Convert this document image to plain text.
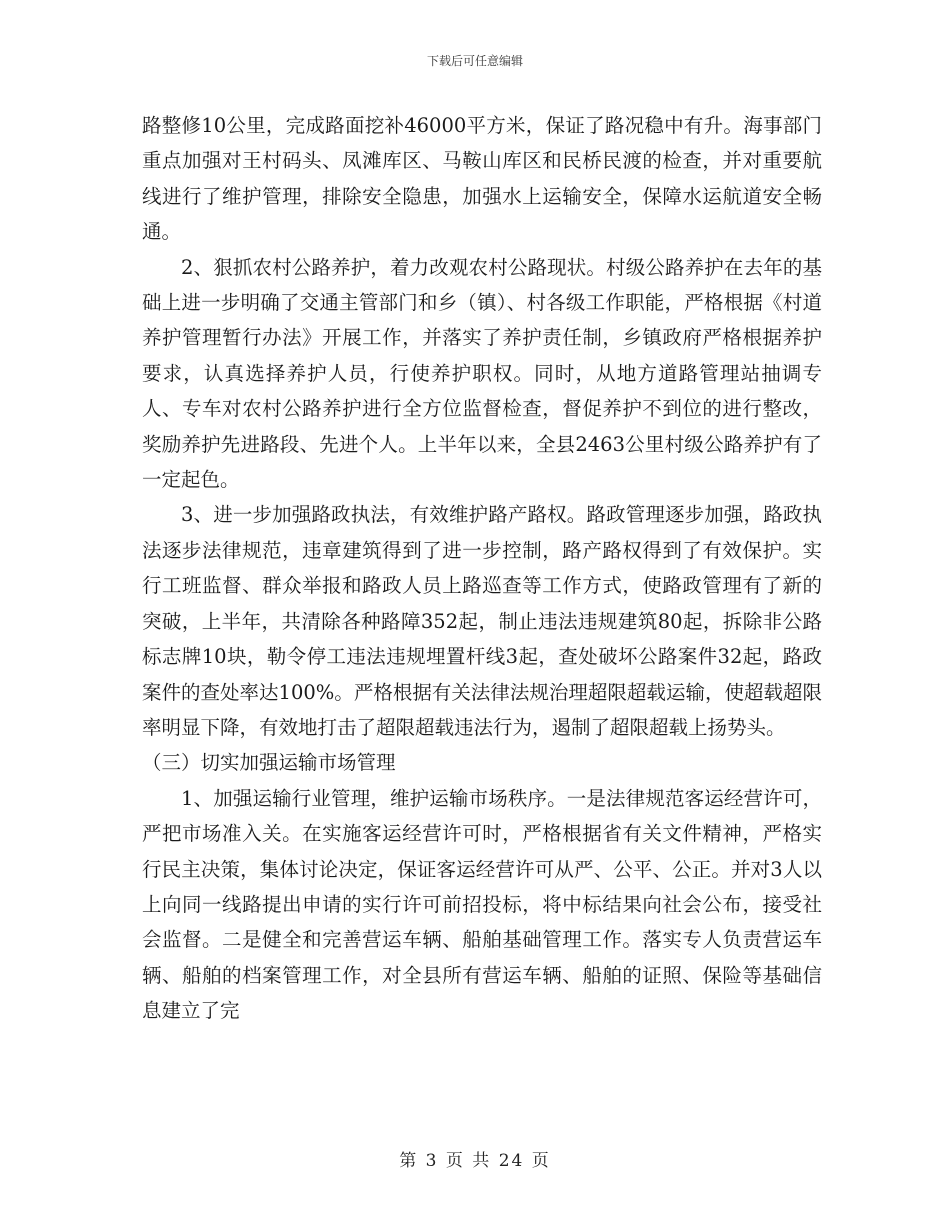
下载后可任意编辑

路整修10公里，完成路面挖补46000平方米，保证了路况稳中有升。海事部门重点加强对王村码头、凤滩库区、马鞍山库区和民桥民渡的检查，并对重要航线进行了维护管理，排除安全隐患，加强水上运输安全，保障水运航道安全畅通。

2、狠抓农村公路养护，着力改观农村公路现状。村级公路养护在去年的基础上进一步明确了交通主管部门和乡（镇）、村各级工作职能，严格根据《村道养护管理暂行办法》开展工作，并落实了养护责任制，乡镇政府严格根据养护要求，认真选择养护人员，行使养护职权。同时，从地方道路管理站抽调专人、专车对农村公路养护进行全方位监督检查，督促养护不到位的进行整改，奖励养护先进路段、先进个人。上半年以来，全县2463公里村级公路养护有了一定起色。

3、进一步加强路政执法，有效维护路产路权。路政管理逐步加强，路政执法逐步法律规范，违章建筑得到了进一步控制，路产路权得到了有效保护。实行工班监督、群众举报和路政人员上路巡查等工作方式，使路政管理有了新的突破，上半年，共清除各种路障352起，制止违法违规建筑80起，拆除非公路标志牌10块，勒令停工违法违规埋置杆线3起，查处破坏公路案件32起，路政案件的查处率达100%。严格根据有关法律法规治理超限超载运输，使超载超限率明显下降，有效地打击了超限超载违法行为，遏制了超限超载上扬势头。

（三）切实加强运输市场管理

1、加强运输行业管理，维护运输市场秩序。一是法律规范客运经营许可，严把市场准入关。在实施客运经营许可时，严格根据省有关文件精神，严格实行民主决策，集体讨论决定，保证客运经营许可从严、公平、公正。并对3人以上向同一线路提出申请的实行许可前招投标，将中标结果向社会公布，接受社会监督。二是健全和完善营运车辆、船舶基础管理工作。落实专人负责营运车辆、船舶的档案管理工作，对全县所有营运车辆、船舶的证照、保险等基础信息建立了完

第 3 页 共 24 页
